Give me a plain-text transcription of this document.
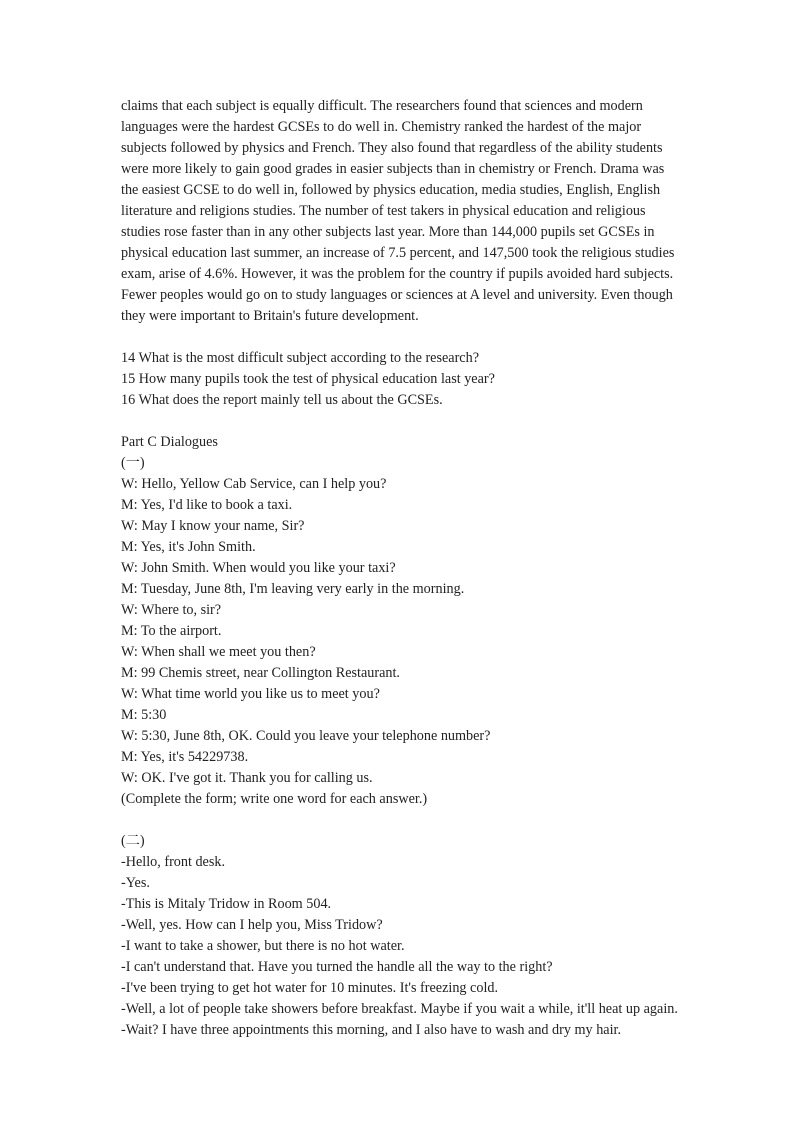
claims that each subject is equally difficult. The researchers found that sciences and modern

languages were the hardest GCSEs to do well in. Chemistry ranked the hardest of the major

subjects followed by physics and French. They also found that regardless of the ability students

were more likely to gain good grades in easier subjects than in chemistry or French. Drama was

the easiest GCSE to do well in, followed by physics education, media studies, English, English

literature and religions studies. The number of test takers in physical education and religious

studies rose faster than in any other subjects last year. More than 144,000 pupils set GCSEs in

physical education last summer, an increase of 7.5 percent, and 147,500 took the religious studies

exam, arise of 4.6%. However, it was the problem for the country if pupils avoided hard subjects.

Fewer peoples would go on to study languages or sciences at A level and university. Even though

they were important to Britain's future development.

14 What is the most difficult subject according to the research?

15 How many pupils took the test of physical education last year?

16 What does the report mainly tell us about the GCSEs.

Part C Dialogues

(一)

W: Hello, Yellow Cab Service, can I help you?

M: Yes, I'd like to book a taxi.

W: May I know your name, Sir?

M: Yes, it's John Smith.

W: John Smith. When would you like your taxi?

M: Tuesday, June 8th, I'm leaving very early in the morning.

W: Where to, sir?

M: To the airport.

W: When shall we meet you then?

M: 99 Chemis street, near Collington Restaurant.

W: What time world you like us to meet you?

M: 5:30

W: 5:30, June 8th, OK. Could you leave your telephone number?

M: Yes, it's 54229738.

W: OK. I've got it. Thank you for calling us.

(Complete the form; write one word for each answer.)

(二)

-Hello, front desk.

-Yes.

-This is Mitaly Tridow in Room 504.

-Well, yes. How can I help you, Miss Tridow?

-I want to take a shower, but there is no hot water.

-I can't understand that. Have you turned the handle all the way to the right?

-I've been trying to get hot water for 10 minutes. It's freezing cold.

-Well, a lot of people take showers before breakfast. Maybe if you wait a while, it'll heat up again.

-Wait? I have three appointments this morning, and I also have to wash and dry my hair.
